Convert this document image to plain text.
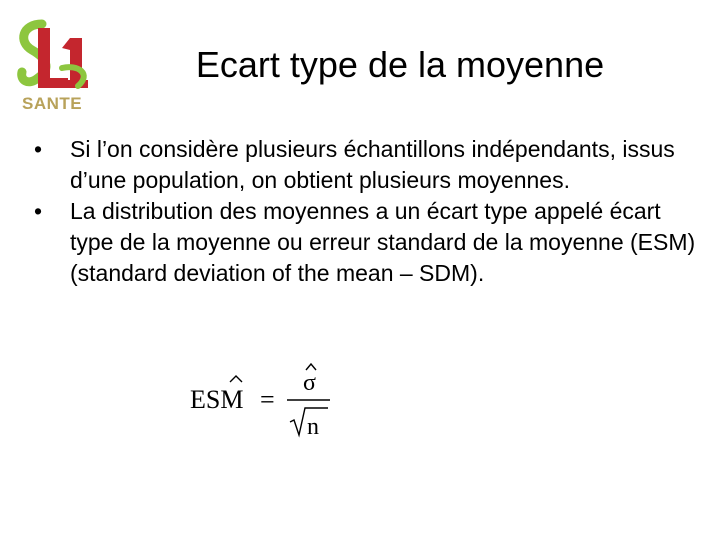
SANTE
Ecart type de la moyenne
• Si l’on considère plusieurs échantillons indépendants, issus d’une population, on obtient plusieurs moyennes.
• La distribution des moyennes a un écart type appelé écart type de la moyenne ou erreur standard de la moyenne (ESM) (standard deviation of the mean – SDM).
ESM =
σ
n
